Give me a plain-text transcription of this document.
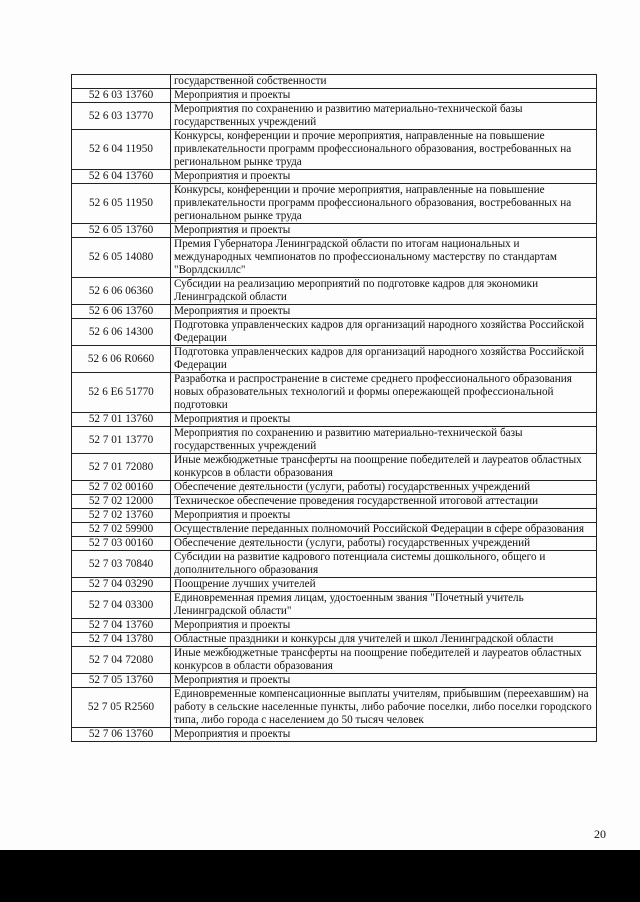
	государственной собственности
52 6 03 13760	Мероприятия и проекты
52 6 03 13770	Мероприятия по сохранению и развитию материально-технической базы государственных учреждений
52 6 04 11950	Конкурсы, конференции и прочие мероприятия, направленные на повышение привлекательности программ профессионального образования, востребованных на региональном рынке труда
52 6 04 13760	Мероприятия и проекты
52 6 05 11950	Конкурсы, конференции и прочие мероприятия, направленные на повышение привлекательности программ профессионального образования, востребованных на региональном рынке труда
52 6 05 13760	Мероприятия и проекты
52 6 05 14080	Премия Губернатора Ленинградской области по итогам национальных и международных чемпионатов по профессиональному мастерству по стандартам "Ворлдскиллс"
52 6 06 06360	Субсидии на реализацию мероприятий по подготовке кадров для экономики Ленинградской области
52 6 06 13760	Мероприятия и проекты
52 6 06 14300	Подготовка управленческих кадров для организаций народного хозяйства Российской Федерации
52 6 06 R0660	Подготовка управленческих кадров для организаций народного хозяйства Российской Федерации
52 6 E6 51770	Разработка и распространение в системе среднего профессионального образования новых образовательных технологий и формы опережающей профессиональной подготовки
52 7 01 13760	Мероприятия и проекты
52 7 01 13770	Мероприятия по сохранению и развитию материально-технической базы государственных учреждений
52 7 01 72080	Иные межбюджетные трансферты на поощрение победителей и лауреатов областных конкурсов в области образования
52 7 02 00160	Обеспечение деятельности (услуги, работы) государственных учреждений
52 7 02 12000	Техническое обеспечение проведения государственной итоговой аттестации
52 7 02 13760	Мероприятия и проекты
52 7 02 59900	Осуществление переданных полномочий Российской Федерации в сфере образования
52 7 03 00160	Обеспечение деятельности (услуги, работы) государственных учреждений
52 7 03 70840	Субсидии на развитие кадрового потенциала системы дошкольного, общего и дополнительного образования
52 7 04 03290	Поощрение лучших учителей
52 7 04 03300	Единовременная премия лицам, удостоенным звания "Почетный учитель Ленинградской области"
52 7 04 13760	Мероприятия и проекты
52 7 04 13780	Областные праздники и конкурсы для учителей и школ Ленинградской области
52 7 04 72080	Иные межбюджетные трансферты на поощрение победителей и лауреатов областных конкурсов в области образования
52 7 05 13760	Мероприятия и проекты
52 7 05 R2560	Единовременные компенсационные выплаты учителям, прибывшим (переехавшим) на работу в сельские населенные пункты, либо рабочие поселки, либо поселки городского типа, либо города с населением до 50 тысяч человек
52 7 06 13760	Мероприятия и проекты
20
